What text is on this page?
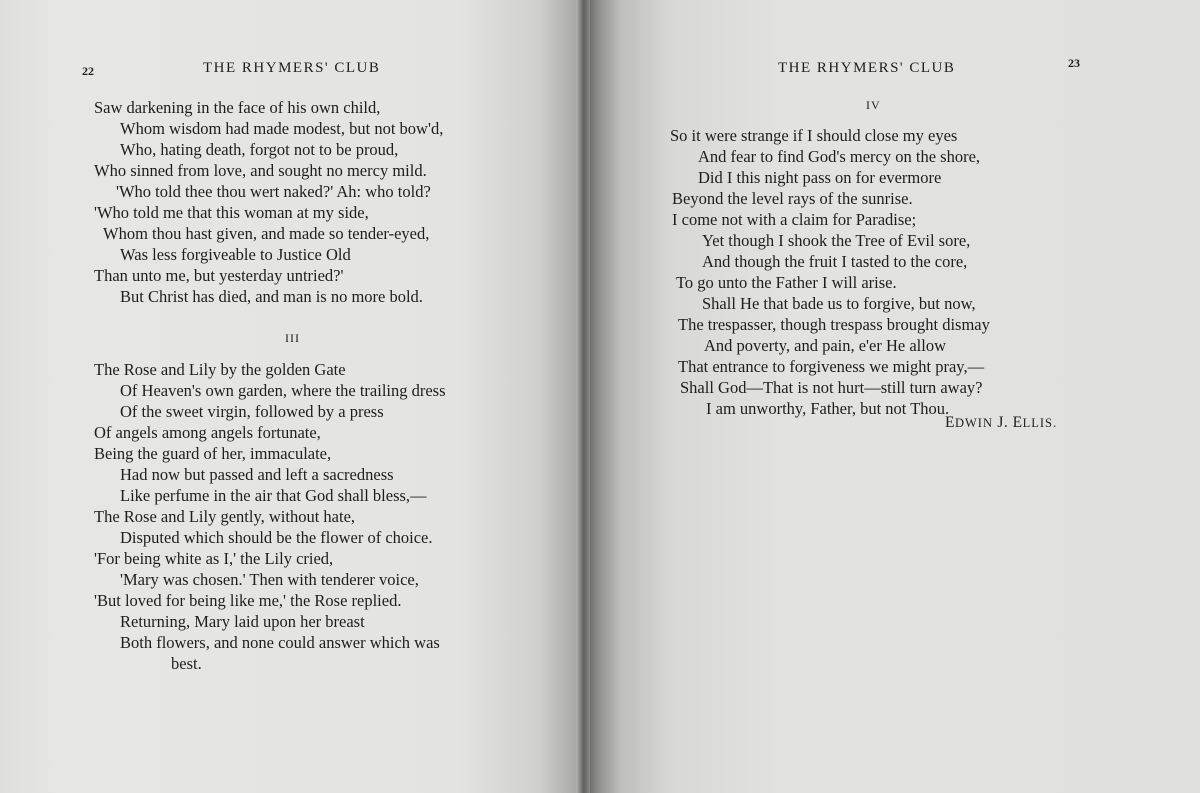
22	THE RHYMERS' CLUB
Saw darkening in the face of his own child,
Whom wisdom had made modest, but not bow'd,
Who, hating death, forgot not to be proud,
Who sinned from love, and sought no mercy mild.
'Who told thee thou wert naked?' Ah: who told?
'Who told me that this woman at my side,
Whom thou hast given, and made so tender-eyed,
Was less forgiveable to Justice Old
Than unto me, but yesterday untried?'
But Christ has died, and man is no more bold.
III
The Rose and Lily by the golden Gate
Of Heaven's own garden, where the trailing dress
Of the sweet virgin, followed by a press
Of angels among angels fortunate,
Being the guard of her, immaculate,
Had now but passed and left a sacredness
Like perfume in the air that God shall bless,—
The Rose and Lily gently, without hate,
Disputed which should be the flower of choice.
'For being white as I,' the Lily cried,
'Mary was chosen.' Then with tenderer voice,
'But loved for being like me,' the Rose replied.
Returning, Mary laid upon her breast
Both flowers, and none could answer which was
best.
THE RHYMERS' CLUB	23
IV
So it were strange if I should close my eyes
And fear to find God's mercy on the shore,
Did I this night pass on for evermore
Beyond the level rays of the sunrise.
I come not with a claim for Paradise;
Yet though I shook the Tree of Evil sore,
And though the fruit I tasted to the core,
To go unto the Father I will arise.
Shall He that bade us to forgive, but now,
The trespasser, though trespass brought dismay
And poverty, and pain, e'er He allow
That entrance to forgiveness we might pray,—
Shall God—That is not hurt—still turn away?
I am unworthy, Father, but not Thou.
EDWIN J. ELLIS.
